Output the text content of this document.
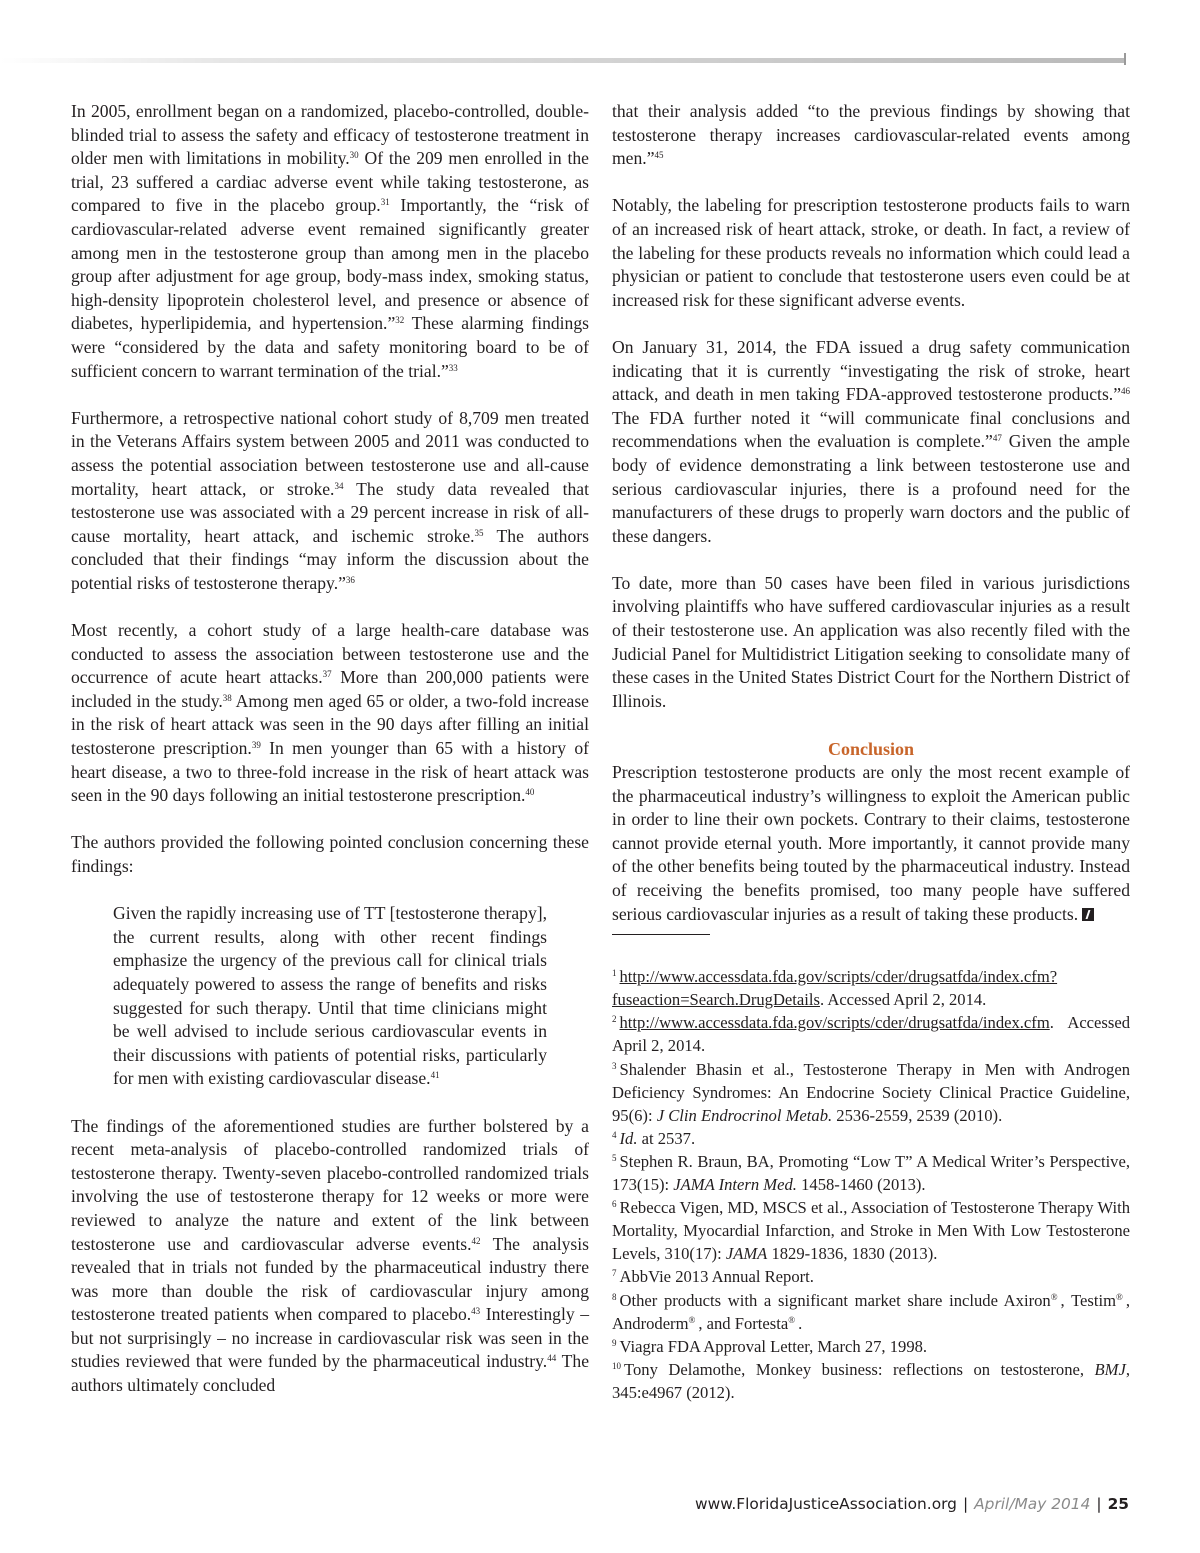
In 2005, enrollment began on a randomized, placebo-controlled, double-blinded trial to assess the safety and efficacy of testosterone treatment in older men with limitations in mobility.$^{30}$ Of the 209 men enrolled in the trial, 23 suffered a cardiac adverse event while taking testosterone, as compared to five in the placebo group.$^{31}$ Importantly, the “risk of cardiovascular-related adverse event remained significantly greater among men in the testosterone group than among men in the placebo group after adjustment for age group, body-mass index, smoking status, high-density lipoprotein cholesterol level, and presence or absence of diabetes, hyperlipidemia, and hypertension.”$^{32}$ These alarming findings were “considered by the data and safety monitoring board to be of sufficient concern to warrant termination of the trial.”$^{33}$

Furthermore, a retrospective national cohort study of 8,709 men treated in the Veterans Affairs system between 2005 and 2011 was conducted to assess the potential association between testosterone use and all-cause mortality, heart attack, or stroke.$^{34}$ The study data revealed that testosterone use was associated with a 29 percent increase in risk of all-cause mortality, heart attack, and ischemic stroke.$^{35}$ The authors concluded that their findings “may inform the discussion about the potential risks of testosterone therapy.”$^{36}$

Most recently, a cohort study of a large health-care database was conducted to assess the association between testosterone use and the occurrence of acute heart attacks.$^{37}$ More than 200,000 patients were included in the study.$^{38}$ Among men aged 65 or older, a two-fold increase in the risk of heart attack was seen in the 90 days after filling an initial testosterone prescription.$^{39}$ In men younger than 65 with a history of heart disease, a two to three-fold increase in the risk of heart attack was seen in the 90 days following an initial testosterone prescription.$^{40}$

The authors provided the following pointed conclusion concerning these findings:

Given the rapidly increasing use of TT [testosterone therapy], the current results, along with other recent findings emphasize the urgency of the previous call for clinical trials adequately powered to assess the range of benefits and risks suggested for such therapy. Until that time clinicians might be well advised to include serious cardiovascular events in their discussions with patients of potential risks, particularly for men with existing cardiovascular disease.$^{41}$

The findings of the aforementioned studies are further bolstered by a recent meta-analysis of placebo-controlled randomized trials of testosterone therapy. Twenty-seven placebo-controlled randomized trials involving the use of testosterone therapy for 12 weeks or more were reviewed to analyze the nature and extent of the link between testosterone use and cardiovascular adverse events.$^{42}$ The analysis revealed that in trials not funded by the pharmaceutical industry there was more than double the risk of cardiovascular injury among testosterone treated patients when compared to placebo.$^{43}$ Interestingly – but not surprisingly – no increase in cardiovascular risk was seen in the studies reviewed that were funded by the pharmaceutical industry.$^{44}$ The authors ultimately concluded

that their analysis added “to the previous findings by showing that testosterone therapy increases cardiovascular-related events among men.”$^{45}$

Notably, the labeling for prescription testosterone products fails to warn of an increased risk of heart attack, stroke, or death. In fact, a review of the labeling for these products reveals no information which could lead a physician or patient to conclude that testosterone users even could be at increased risk for these significant adverse events.

On January 31, 2014, the FDA issued a drug safety communication indicating that it is currently “investigating the risk of stroke, heart attack, and death in men taking FDA-approved testosterone products.”$^{46}$ The FDA further noted it “will communicate final conclusions and recommendations when the evaluation is complete.”$^{47}$ Given the ample body of evidence demonstrating a link between testosterone use and serious cardiovascular injuries, there is a profound need for the manufacturers of these drugs to properly warn doctors and the public of these dangers.

To date, more than 50 cases have been filed in various jurisdictions involving plaintiffs who have suffered cardiovascular injuries as a result of their testosterone use. An application was also recently filed with the Judicial Panel for Multidistrict Litigation seeking to consolidate many of these cases in the United States District Court for the Northern District of Illinois.

Conclusion

Prescription testosterone products are only the most recent example of the pharmaceutical industry’s willingness to exploit the American public in order to line their own pockets. Contrary to their claims, testosterone cannot provide eternal youth. More importantly, it cannot provide many of the other benefits being touted by the pharmaceutical industry. Instead of receiving the benefits promised, too many people have suffered serious cardiovascular injuries as a result of taking these products.

$^1$ http://www.accessdata.fda.gov/scripts/cder/drugsatfda/index.cfm?fuseaction=Search.DrugDetails. Accessed April 2, 2014.

$^2$ http://www.accessdata.fda.gov/scripts/cder/drugsatfda/index.cfm. Accessed April 2, 2014.

$^3$ Shalender Bhasin et al., Testosterone Therapy in Men with Androgen Deficiency Syndromes: An Endocrine Society Clinical Practice Guideline, 95(6): J Clin Endrocrinol Metab. 2536-2559, 2539 (2010).

$^4$ Id. at 2537.

$^5$ Stephen R. Braun, BA, Promoting “Low T” A Medical Writer’s Perspective, 173(15): JAMA Intern Med. 1458-1460 (2013).

$^6$ Rebecca Vigen, MD, MSCS et al., Association of Testosterone Therapy With Mortality, Myocardial Infarction, and Stroke in Men With Low Testosterone Levels, 310(17): JAMA 1829-1836, 1830 (2013).

$^7$ AbbVie 2013 Annual Report.

$^8$ Other products with a significant market share include Axiron® , Testim® , Androderm® , and Fortesta® .

$^9$ Viagra FDA Approval Letter, March 27, 1998.

$^{10}$ Tony Delamothe, Monkey business: reflections on testosterone, BMJ, 345:e4967 (2012).

www.FloridaJusticeAssociation.org | April/May 2014 | 25
